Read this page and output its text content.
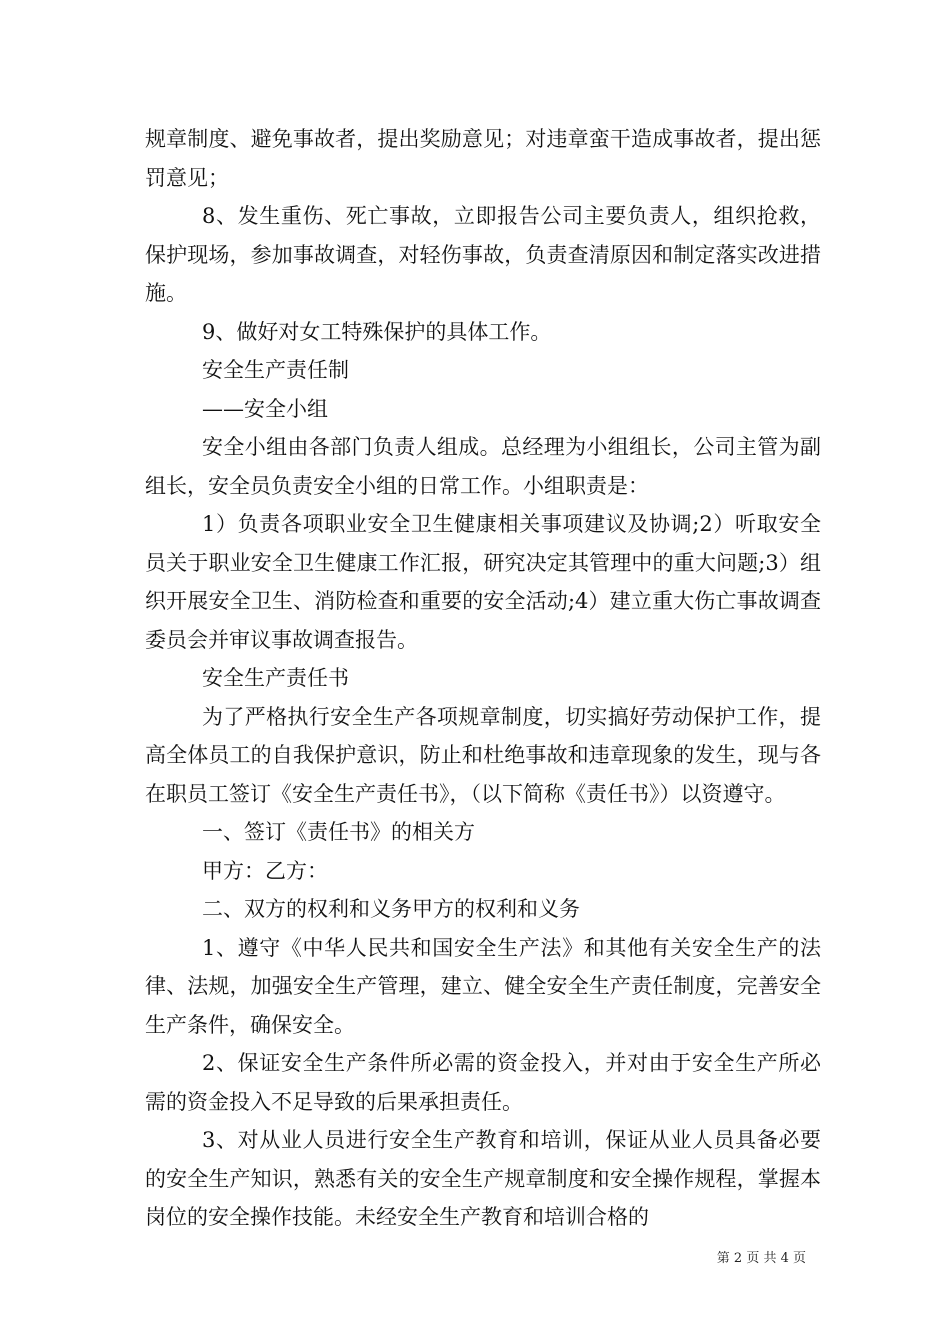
规章制度、避免事故者，提出奖励意见；对违章蛮干造成事故者，提出惩罚意见；

8、发生重伤、死亡事故，立即报告公司主要负责人，组织抢救，保护现场，参加事故调查，对轻伤事故，负责查清原因和制定落实改进措施。

9、做好对女工特殊保护的具体工作。

安全生产责任制

——安全小组

安全小组由各部门负责人组成。总经理为小组组长，公司主管为副组长，安全员负责安全小组的日常工作。小组职责是：

1）负责各项职业安全卫生健康相关事项建议及协调;2）听取安全员关于职业安全卫生健康工作汇报，研究决定其管理中的重大问题;3）组织开展安全卫生、消防检查和重要的安全活动;4）建立重大伤亡事故调查委员会并审议事故调查报告。

安全生产责任书

为了严格执行安全生产各项规章制度，切实搞好劳动保护工作，提高全体员工的自我保护意识，防止和杜绝事故和违章现象的发生，现与各在职员工签订《安全生产责任书》，（以下简称《责任书》）以资遵守。

一、签订《责任书》的相关方

甲方：乙方：

二、双方的权利和义务甲方的权利和义务

1、遵守《中华人民共和国安全生产法》和其他有关安全生产的法律、法规，加强安全生产管理，建立、健全安全生产责任制度，完善安全生产条件，确保安全。

2、保证安全生产条件所必需的资金投入，并对由于安全生产所必需的资金投入不足导致的后果承担责任。

3、对从业人员进行安全生产教育和培训，保证从业人员具备必要的安全生产知识，熟悉有关的安全生产规章制度和安全操作规程，掌握本岗位的安全操作技能。未经安全生产教育和培训合格的

第 2 页 共 4 页
